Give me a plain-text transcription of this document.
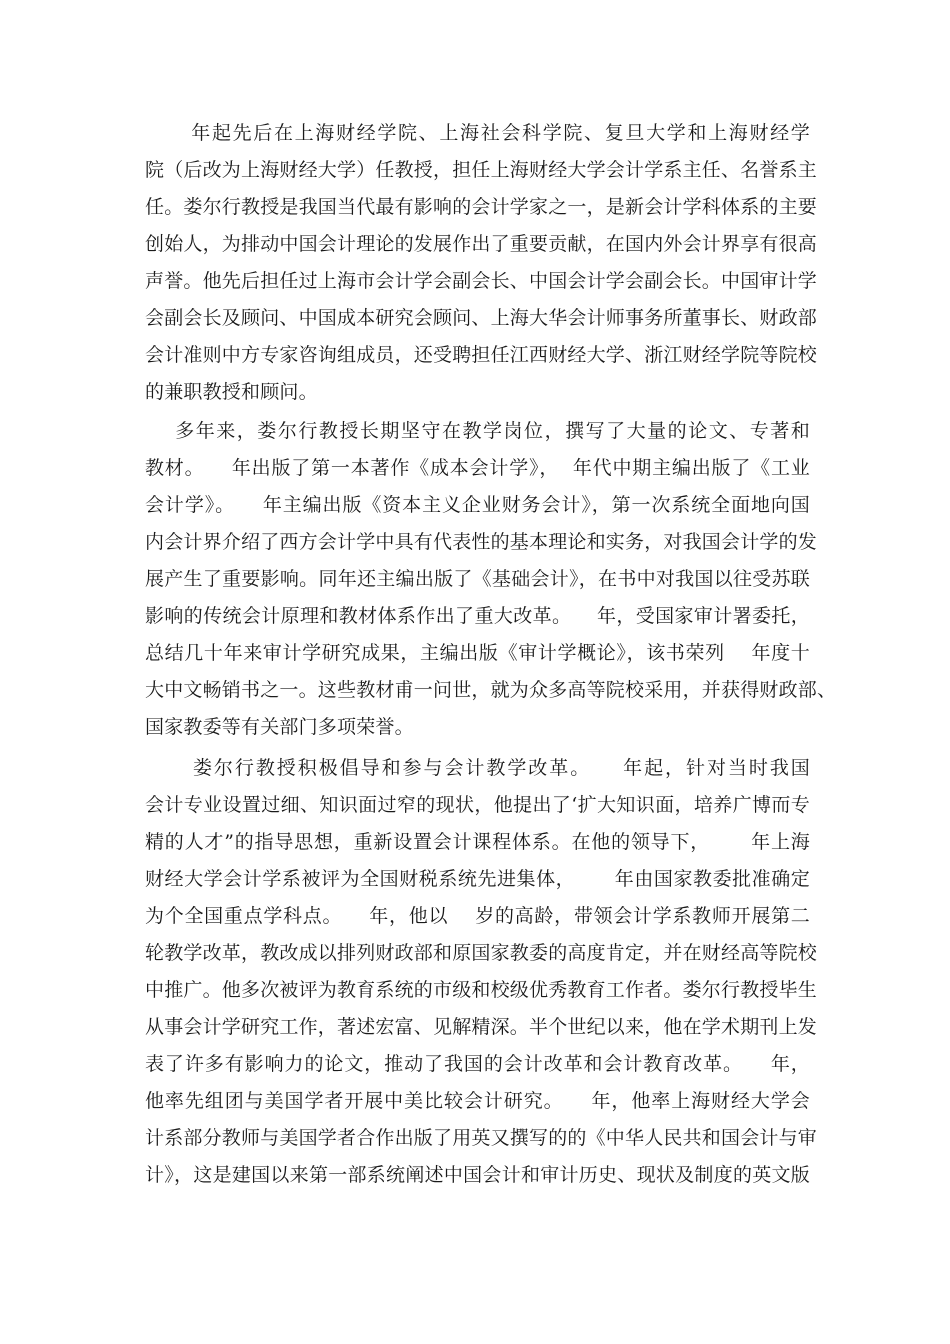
年起先后在上海财经学院、上海社会科学院、复旦大学和上海财经学
院（后改为上海财经大学）任教授，担任上海财经大学会计学系主任、名誉系主
任。娄尔行教授是我国当代最有影响的会计学家之一，是新会计学科体系的主要
创始人，为排动中国会计理论的发展作出了重要贡献，在国内外会计界享有很高
声誉。他先后担任过上海市会计学会副会长、中国会计学会副会长。中国审计学
会副会长及顾问、中国成本研究会顾问、上海大华会计师事务所董事长、财政部
会计准则中方专家咨询组成员，还受聘担任江西财经大学、浙江财经学院等院校
的兼职教授和顾问。
多年来，娄尔行教授长期坚守在教学岗位，撰写了大量的论文、专著和
教材。    年出版了第一本著作《成本会计学》，  年代中期主编出版了《工业
会计学》。    年主编出版《资本主义企业财务会计》，第一次系统全面地向国
内会计界介绍了西方会计学中具有代表性的基本理论和实务，对我国会计学的发
展产生了重要影响。同年还主编出版了《基础会计》，在书中对我国以往受苏联
影响的传统会计原理和教材体系作出了重大改革。    年，受国家审计署委托，
总结几十年来审计学研究成果，主编出版《审计学概论》，该书荣列    年度十
大中文畅销书之一。这些教材甫一问世，就为众多高等院校采用，并获得财政部、
国家教委等有关部门多项荣誉。
娄尔行教授积极倡导和参与会计教学改革。    年起，针对当时我国
会计专业设置过细、知识面过窄的现状，他提出了‘扩大知识面，培养广博而专
精的人才”的指导思想，重新设置会计课程体系。在他的领导下，      年上海
财经大学会计学系被评为全国财税系统先进集体，      年由国家教委批准确定
为个全国重点学科点。    年，他以    岁的高龄，带领会计学系教师开展第二
轮教学改革，教改成以排列财政部和原国家教委的高度肯定，并在财经高等院校
中推广。他多次被评为教育系统的市级和校级优秀教育工作者。娄尔行教授毕生
从事会计学研究工作，著述宏富、见解精深。半个世纪以来，他在学术期刊上发
表了许多有影响力的论文，推动了我国的会计改革和会计教育改革。    年，
他率先组团与美国学者开展中美比较会计研究。    年，他率上海财经大学会
计系部分教师与美国学者合作出版了用英又撰写的的《中华人民共和国会计与审
计》，这是建国以来第一部系统阐述中国会计和审计历史、现状及制度的英文版
